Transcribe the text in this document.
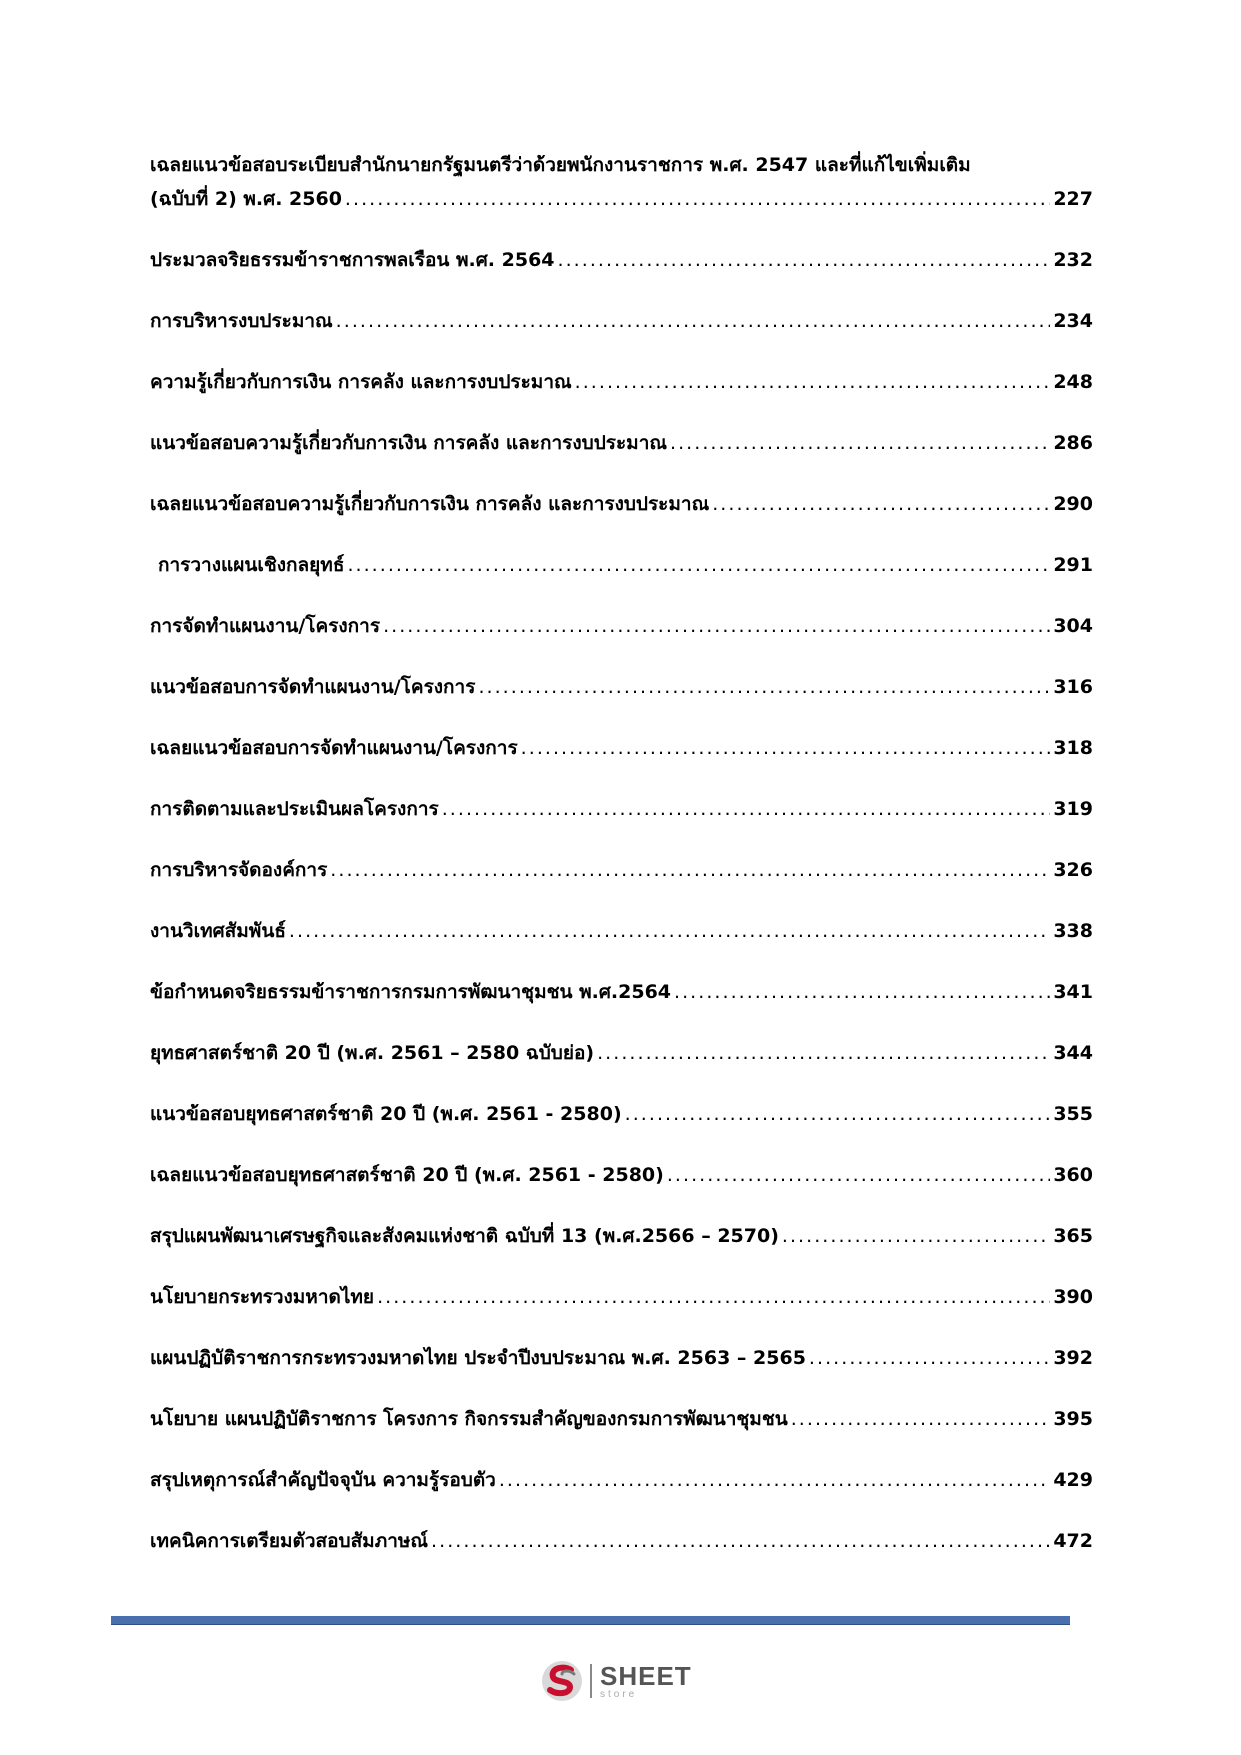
เฉลยแนวข้อสอบระเบียบสำนักนายกรัฐมนตรีว่าด้วยพนักงานราชการ พ.ศ. 2547 และที่แก้ไขเพิ่มเติม
(ฉบับที่ 2) พ.ศ. 2560 . . .	227
ประมวลจริยธรรมข้าราชการพลเรือน พ.ศ. 2564 . . .	232
การบริหารงบประมาณ . . .	234
ความรู้เกี่ยวกับการเงิน การคลัง และการงบประมาณ . . .	248
แนวข้อสอบความรู้เกี่ยวกับการเงิน การคลัง และการงบประมาณ . . .	286
เฉลยแนวข้อสอบความรู้เกี่ยวกับการเงิน การคลัง และการงบประมาณ . . .	290
การวางแผนเชิงกลยุทธ์ . . .	291
การจัดทำแผนงาน/โครงการ . . .	304
แนวข้อสอบการจัดทำแผนงาน/โครงการ . . .	316
เฉลยแนวข้อสอบการจัดทำแผนงาน/โครงการ . . .	318
การติดตามและประเมินผลโครงการ . . .	319
การบริหารจัดองค์การ . . .	326
งานวิเทศสัมพันธ์ . . .	338
ข้อกำหนดจริยธรรมข้าราชการกรมการพัฒนาชุมชน พ.ศ.2564 . . .	341
ยุทธศาสตร์ชาติ 20 ปี (พ.ศ. 2561 – 2580 ฉบับย่อ) . . .	344
แนวข้อสอบยุทธศาสตร์ชาติ 20 ปี (พ.ศ. 2561 - 2580) . . .	355
เฉลยแนวข้อสอบยุทธศาสตร์ชาติ 20 ปี (พ.ศ. 2561 - 2580) . . .	360
สรุปแผนพัฒนาเศรษฐกิจและสังคมแห่งชาติ ฉบับที่ 13 (พ.ศ.2566 – 2570) . . .	365
นโยบายกระทรวงมหาดไทย . . .	390
แผนปฏิบัติราชการกระทรวงมหาดไทย ประจำปีงบประมาณ พ.ศ. 2563 – 2565 . . .	392
นโยบาย แผนปฏิบัติราชการ โครงการ กิจกรรมสำคัญของกรมการพัฒนาชุมชน . . .	395
สรุปเหตุการณ์สำคัญปัจจุบัน ความรู้รอบตัว . . .	429
เทคนิคการเตรียมตัวสอบสัมภาษณ์ . . .	472
SHEET
store
